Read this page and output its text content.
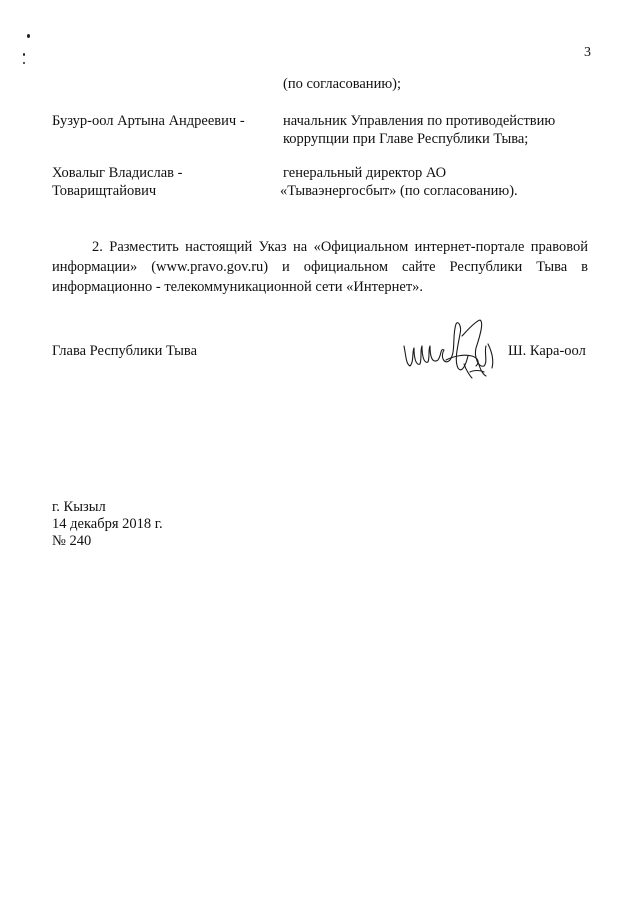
3
(по согласованию);
Бузур-оол Артына Андреевич -	начальник Управления по противодействию
коррупции при Главе Республики Тыва;
Ховалыг Владислав -
Товарищтайович
генеральный директор АО
«Тываэнергосбыт» (по согласованию).
2. Разместить настоящий Указ на «Официальном интернет-портале правовой информации» (www.pravo.gov.ru) и официальном сайте Республики Тыва в информационно - телекоммуникационной сети «Интернет».
Глава Республики Тыва	Ш. Кара-оол
г. Кызыл
14 декабря 2018 г.
№ 240
